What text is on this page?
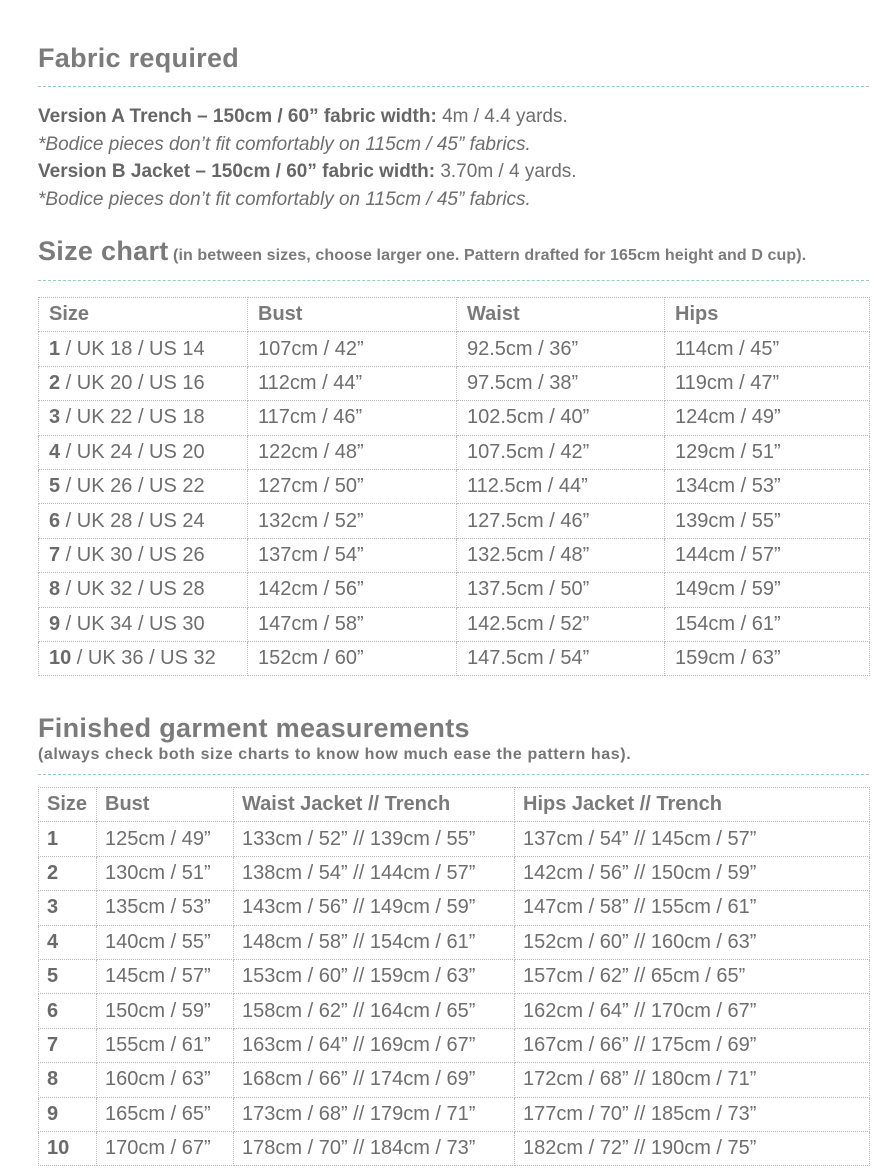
Fabric required
Version A Trench – 150cm / 60” fabric width: 4m / 4.4 yards.
*Bodice pieces don’t fit comfortably on 115cm / 45” fabrics.
Version B Jacket – 150cm / 60” fabric width: 3.70m / 4 yards.
*Bodice pieces don’t fit comfortably on 115cm / 45” fabrics.
Size chart (in between sizes, choose larger one. Pattern drafted for 165cm height and D cup).
Size	Bust	Waist	Hips
1 / UK 18 / US 14	107cm / 42”	92.5cm / 36”	114cm / 45”
2 / UK 20 / US 16	112cm / 44”	97.5cm / 38”	119cm / 47”
3 / UK 22 / US 18	117cm / 46”	102.5cm / 40”	124cm / 49”
4 / UK 24 / US 20	122cm / 48”	107.5cm / 42”	129cm / 51”
5 / UK 26 / US 22	127cm / 50”	112.5cm / 44”	134cm / 53”
6 / UK 28 / US 24	132cm / 52”	127.5cm / 46”	139cm / 55”
7 / UK 30 / US 26	137cm / 54”	132.5cm / 48”	144cm / 57”
8 / UK 32 / US 28	142cm / 56”	137.5cm / 50”	149cm / 59”
9 / UK 34 / US 30	147cm / 58”	142.5cm / 52”	154cm / 61”
10 / UK 36 / US 32	152cm / 60”	147.5cm / 54”	159cm / 63”
Finished garment measurements
(always check both size charts to know how much ease the pattern has).
Size	Bust	Waist Jacket // Trench	Hips Jacket // Trench
1	125cm / 49”	133cm / 52” // 139cm / 55”	137cm / 54” // 145cm / 57”
2	130cm / 51”	138cm / 54” // 144cm / 57”	142cm / 56” // 150cm / 59”
3	135cm / 53”	143cm / 56” // 149cm / 59”	147cm / 58” // 155cm / 61”
4	140cm / 55”	148cm / 58” // 154cm / 61”	152cm / 60” // 160cm / 63”
5	145cm / 57”	153cm / 60” // 159cm / 63”	157cm / 62” // 65cm / 65”
6	150cm / 59”	158cm / 62” // 164cm / 65”	162cm / 64” // 170cm / 67”
7	155cm / 61”	163cm / 64” // 169cm / 67”	167cm / 66” // 175cm / 69”
8	160cm / 63”	168cm / 66” // 174cm / 69”	172cm / 68” // 180cm / 71”
9	165cm / 65”	173cm / 68” // 179cm / 71”	177cm / 70” // 185cm / 73”
10	170cm / 67”	178cm / 70” // 184cm / 73”	182cm / 72” // 190cm / 75”
